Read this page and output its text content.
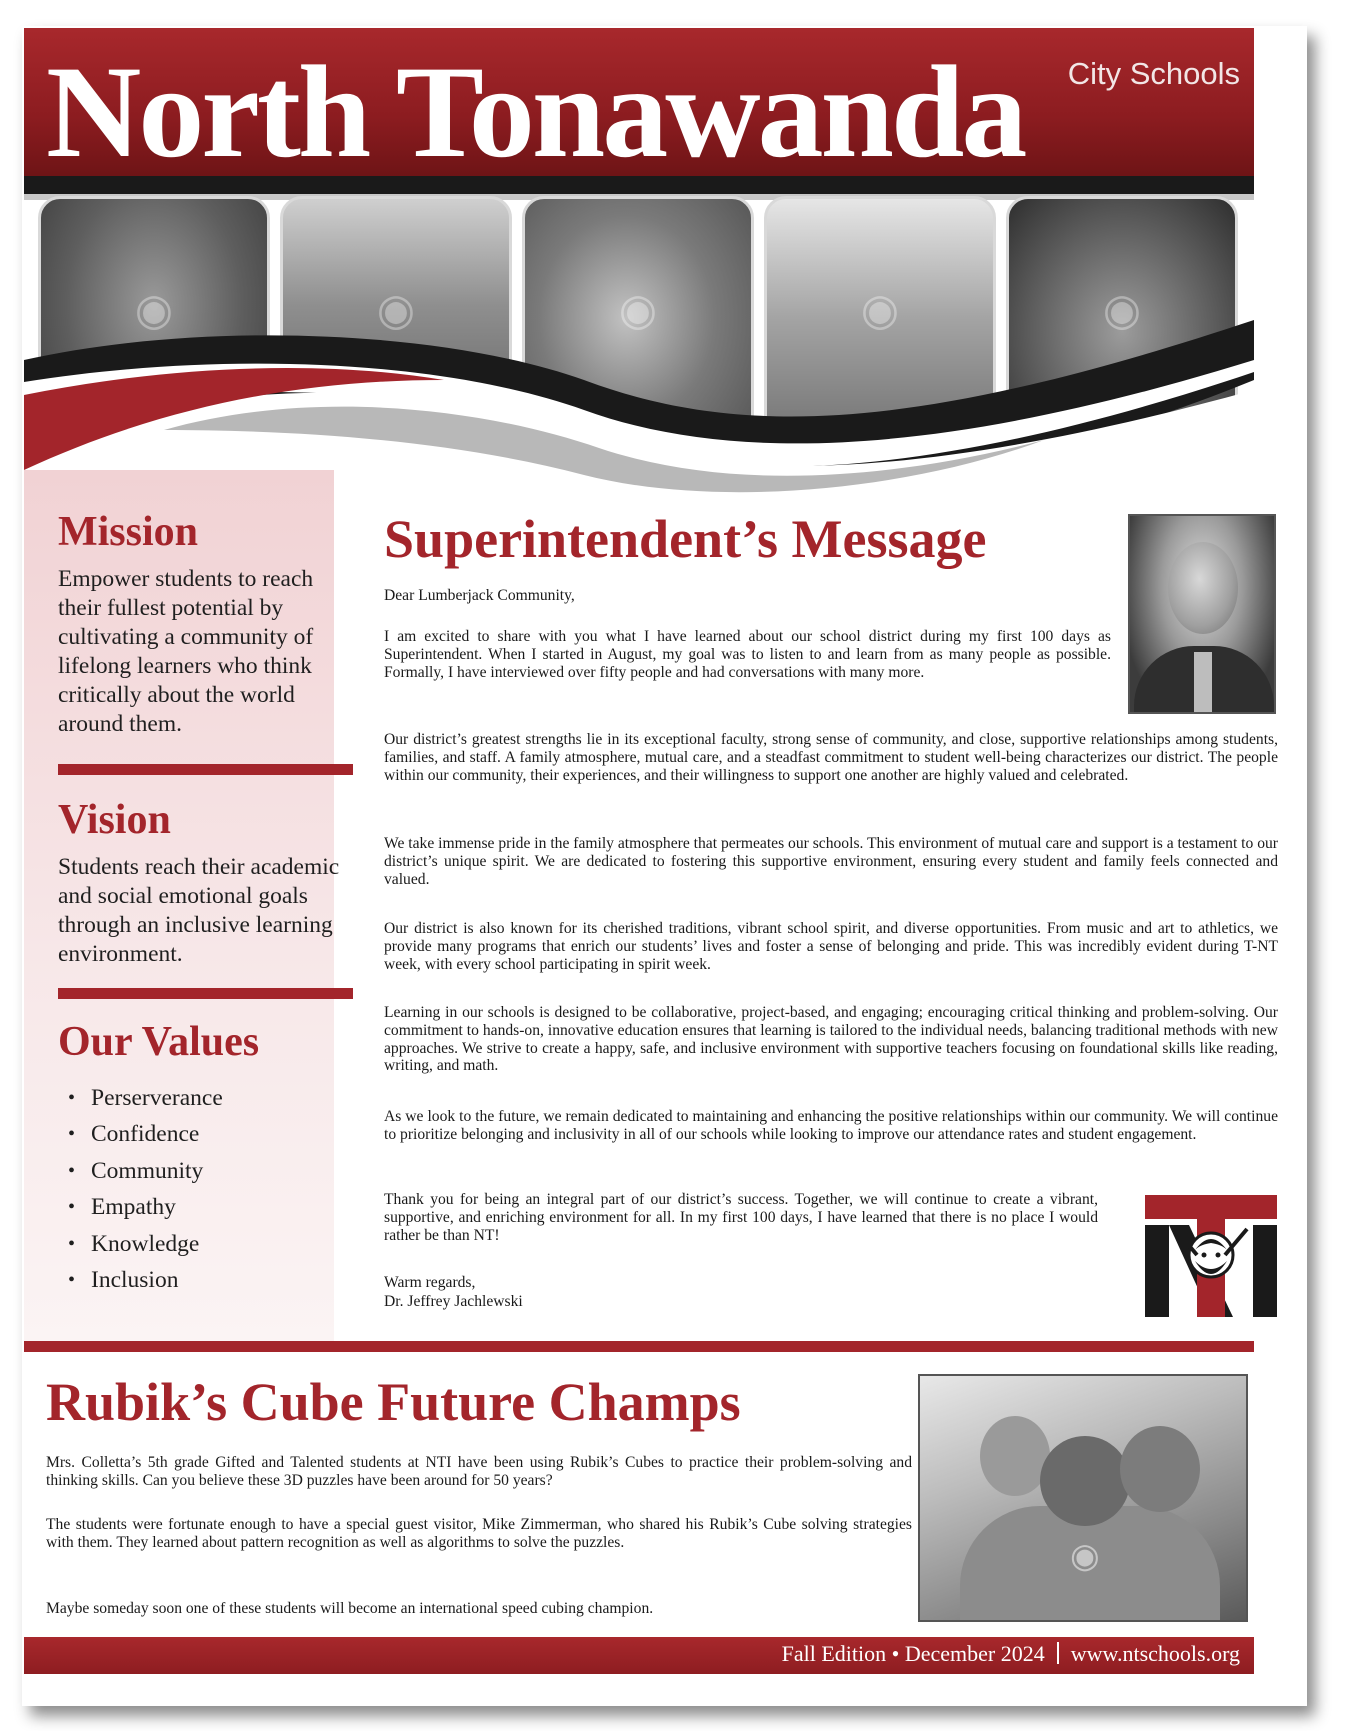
North Tonawanda City Schools
◉	◉	◉	◉	◉
Mission
Empower students to reach their fullest potential by cultivating a community of lifelong learners who think critically about the world around them.
Vision
Students reach their academic and social emotional goals through an inclusive learning environment.
Our Values
• Perserverance
• Confidence
• Community
• Empathy
• Knowledge
• Inclusion
Superintendent’s Message
Dear Lumberjack Community,
I am excited to share with you what I have learned about our school district during my first 100 days as Superintendent. When I started in August, my goal was to listen to and learn from as many people as possible. Formally, I have interviewed over fifty people and had conversations with many more.
Our district’s greatest strengths lie in its exceptional faculty, strong sense of community, and close, supportive relationships among students, families, and staff. A family atmosphere, mutual care, and a steadfast commitment to student well-being characterizes our district. The people within our community, their experiences, and their willingness to support one another are highly valued and celebrated.
We take immense pride in the family atmosphere that permeates our schools. This environment of mutual care and support is a testament to our district’s unique spirit. We are dedicated to fostering this supportive environment, ensuring every student and family feels connected and valued.
Our district is also known for its cherished traditions, vibrant school spirit, and diverse opportunities. From music and art to athletics, we provide many programs that enrich our students’ lives and foster a sense of belonging and pride. This was incredibly evident during T-NT week, with every school participating in spirit week.
Learning in our schools is designed to be collaborative, project-based, and engaging; encouraging critical thinking and problem-solving. Our commitment to hands-on, innovative education ensures that learning is tailored to the individual needs, balancing traditional methods with new approaches. We strive to create a happy, safe, and inclusive environment with supportive teachers focusing on foundational skills like reading, writing, and math.
As we look to the future, we remain dedicated to maintaining and enhancing the positive relationships within our community. We will continue to prioritize belonging and inclusivity in all of our schools while looking to improve our attendance rates and student engagement.
Thank you for being an integral part of our district’s success. Together, we will continue to create a vibrant, supportive, and enriching environment for all. In my first 100 days, I have learned that there is no place I would rather be than NT!
Warm regards,
Dr. Jeffrey Jachlewski
Rubik’s Cube Future Champs
◉
Mrs. Colletta’s 5th grade Gifted and Talented students at NTI have been using Rubik’s Cubes to practice their problem-solving and thinking skills. Can you believe these 3D puzzles have been around for 50 years?
The students were fortunate enough to have a special guest visitor, Mike Zimmerman, who shared his Rubik’s Cube solving strategies with them. They learned about pattern recognition as well as algorithms to solve the puzzles.
Maybe someday soon one of these students will become an international speed cubing champion.
Fall Edition • December 2024 www.ntschools.org
